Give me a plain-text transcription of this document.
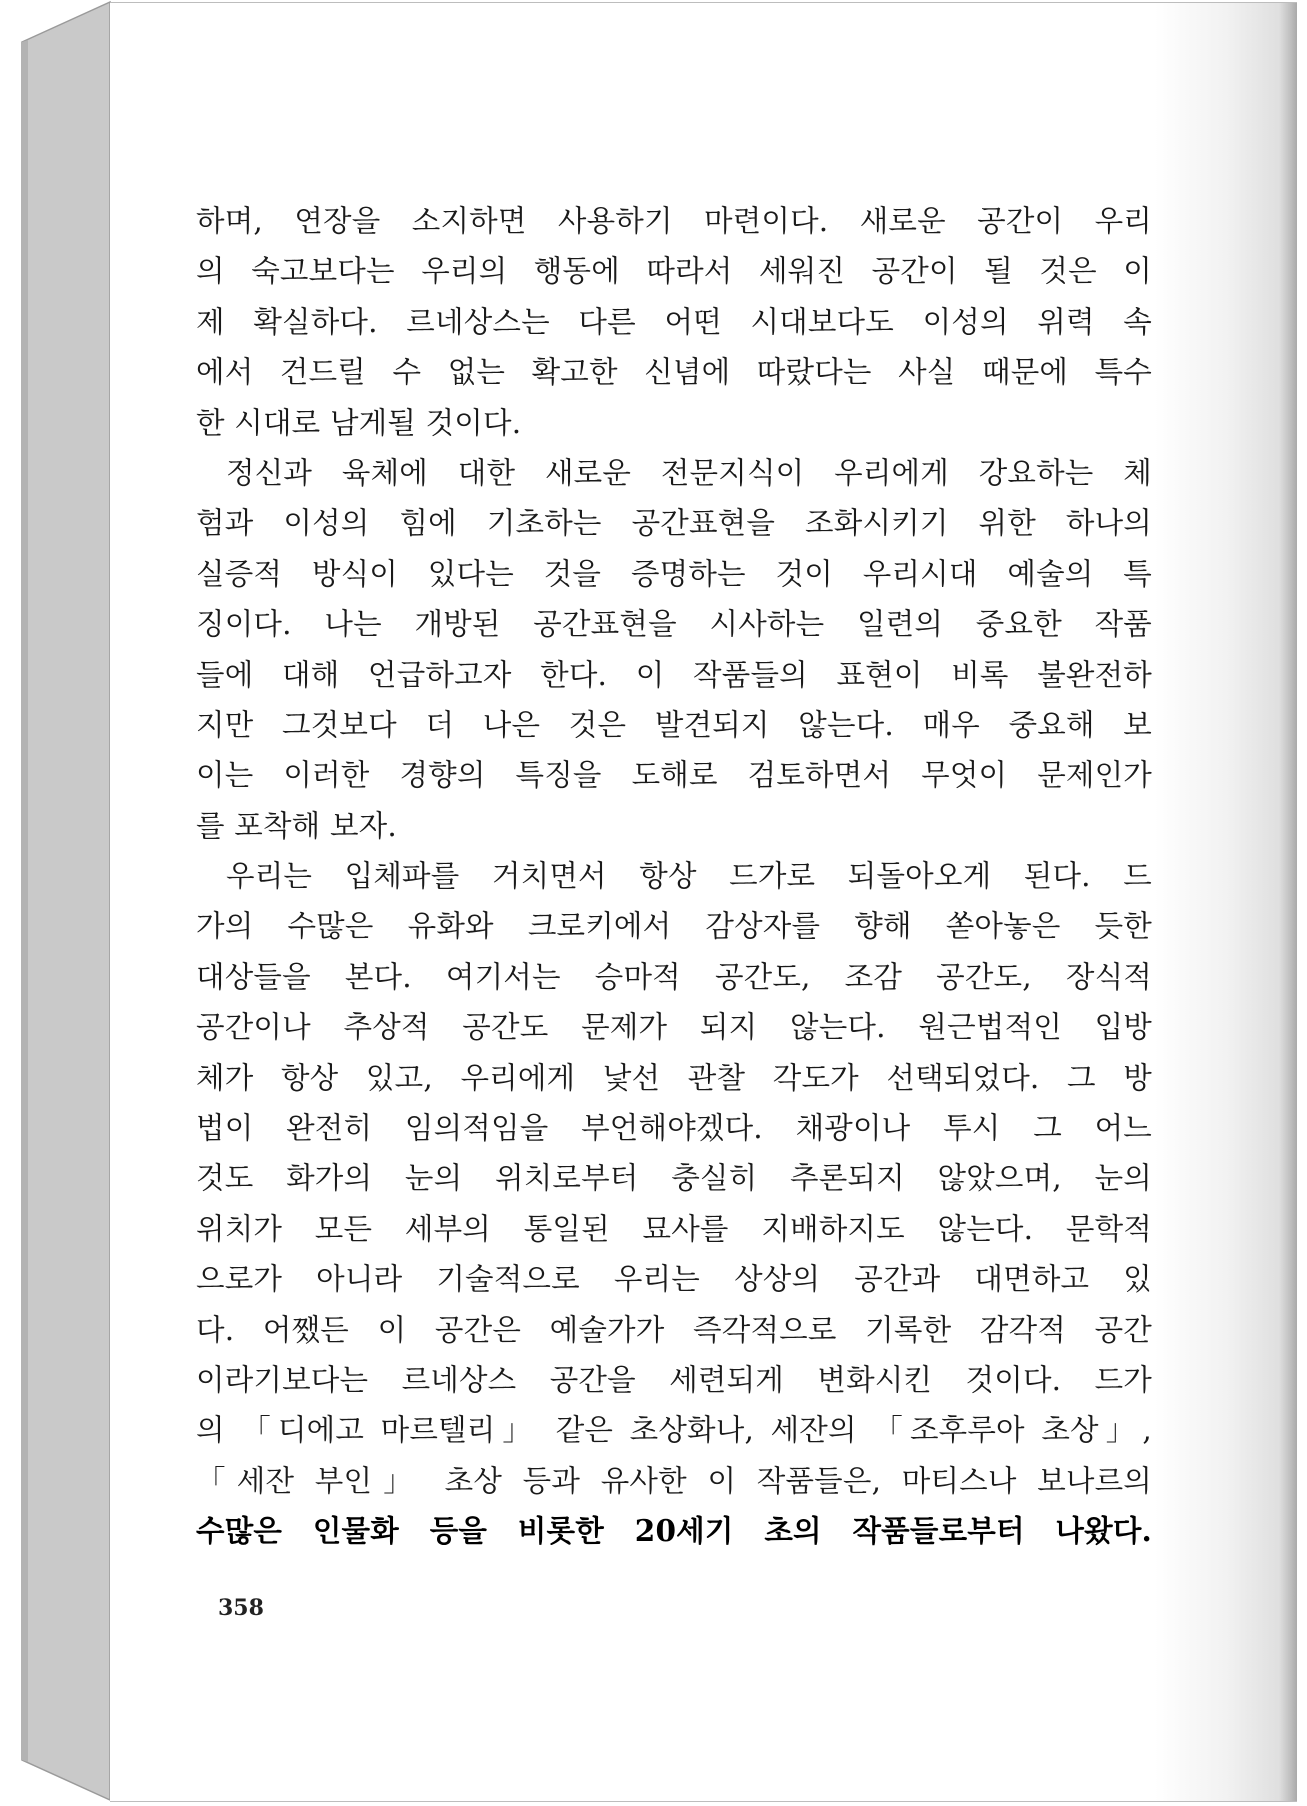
하며, 연장을 소지하면 사용하기 마련이다. 새로운 공간이 우리
의 숙고보다는 우리의 행동에 따라서 세워진 공간이 될 것은 이
제 확실하다. 르네상스는 다른 어떤 시대보다도 이성의 위력 속
에서 건드릴 수 없는 확고한 신념에 따랐다는 사실 때문에 특수
한 시대로 남게될 것이다.
정신과 육체에 대한 새로운 전문지식이 우리에게 강요하는 체
험과 이성의 힘에 기초하는 공간표현을 조화시키기 위한 하나의
실증적 방식이 있다는 것을 증명하는 것이 우리시대 예술의 특
징이다. 나는 개방된 공간표현을 시사하는 일련의 중요한 작품
들에 대해 언급하고자 한다. 이 작품들의 표현이 비록 불완전하
지만 그것보다 더 나은 것은 발견되지 않는다. 매우 중요해 보
이는 이러한 경향의 특징을 도해로 검토하면서 무엇이 문제인가
를 포착해 보자.
우리는 입체파를 거치면서 항상 드가로 되돌아오게 된다. 드
가의 수많은 유화와 크로키에서 감상자를 향해 쏟아놓은 듯한
대상들을 본다. 여기서는 승마적 공간도, 조감 공간도, 장식적
공간이나 추상적 공간도 문제가 되지 않는다. 원근법적인 입방
체가 항상 있고, 우리에게 낯선 관찰 각도가 선택되었다. 그 방
법이 완전히 임의적임을 부언해야겠다. 채광이나 투시 그 어느
것도 화가의 눈의 위치로부터 충실히 추론되지 않았으며, 눈의
위치가 모든 세부의 통일된 묘사를 지배하지도 않는다. 문학적
으로가 아니라 기술적으로 우리는 상상의 공간과 대면하고 있
다. 어쨌든 이 공간은 예술가가 즉각적으로 기록한 감각적 공간
이라기보다는 르네상스 공간을 세련되게 변화시킨 것이다. 드가
의 「디에고 마르텔리」 같은 초상화나, 세잔의 「조후루아 초상」,
「세잔 부인」 초상 등과 유사한 이 작품들은, 마티스나 보나르의
수많은 인물화 등을 비롯한 20세기 초의 작품들로부터 나왔다.
358
